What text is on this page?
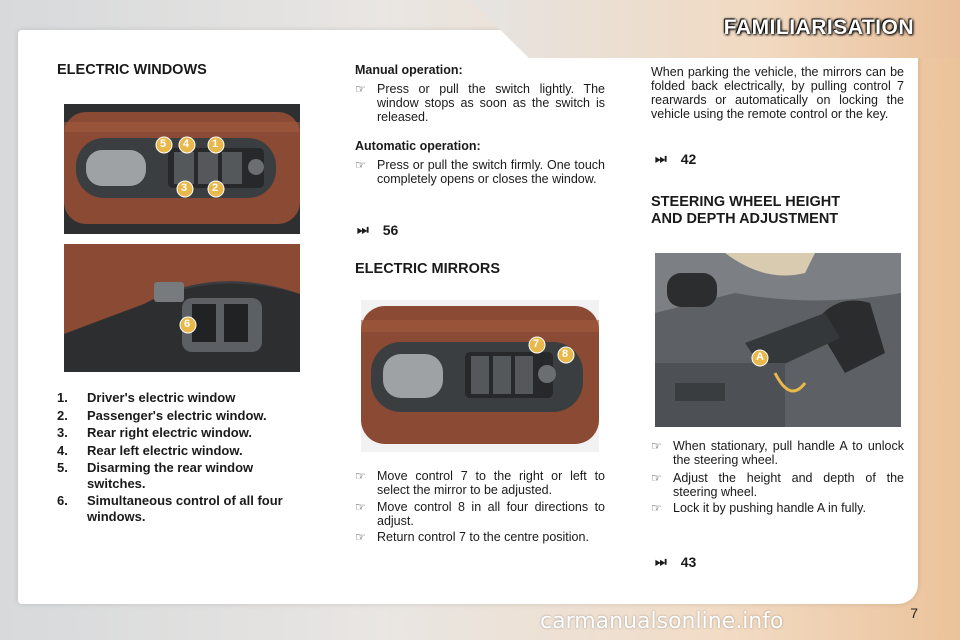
FAMILIARISATION
ELECTRIC WINDOWS
5 4 1
3 2
6
1.	Driver's electric window
2.	Passenger's electric window.
3.	Rear right electric window.
4.	Rear left electric window.
5.	Disarming the rear window switches.
6.	Simultaneous control of all four windows.
Manual operation:
☞ Press or pull the switch lightly. The window stops as soon as the switch is released.
Automatic operation:
☞ Press or pull the switch firmly. One touch completely opens or closes the window.
⏭ 56
ELECTRIC MIRRORS
7
8
☞ Move control 7 to the right or left to select the mirror to be adjusted.
☞ Move control 8 in all four directions to adjust.
☞ Return control 7 to the centre position.
When parking the vehicle, the mirrors can be folded back electrically, by pulling control 7 rearwards or automatically on locking the vehicle using the remote control or the key.
⏭ 42
STEERING WHEEL HEIGHT
AND DEPTH ADJUSTMENT
A
☞ When stationary, pull handle A to unlock the steering wheel.
☞ Adjust the height and depth of the steering wheel.
☞ Lock it by pushing handle A in fully.
⏭ 43
7
carmanualsonline.info
